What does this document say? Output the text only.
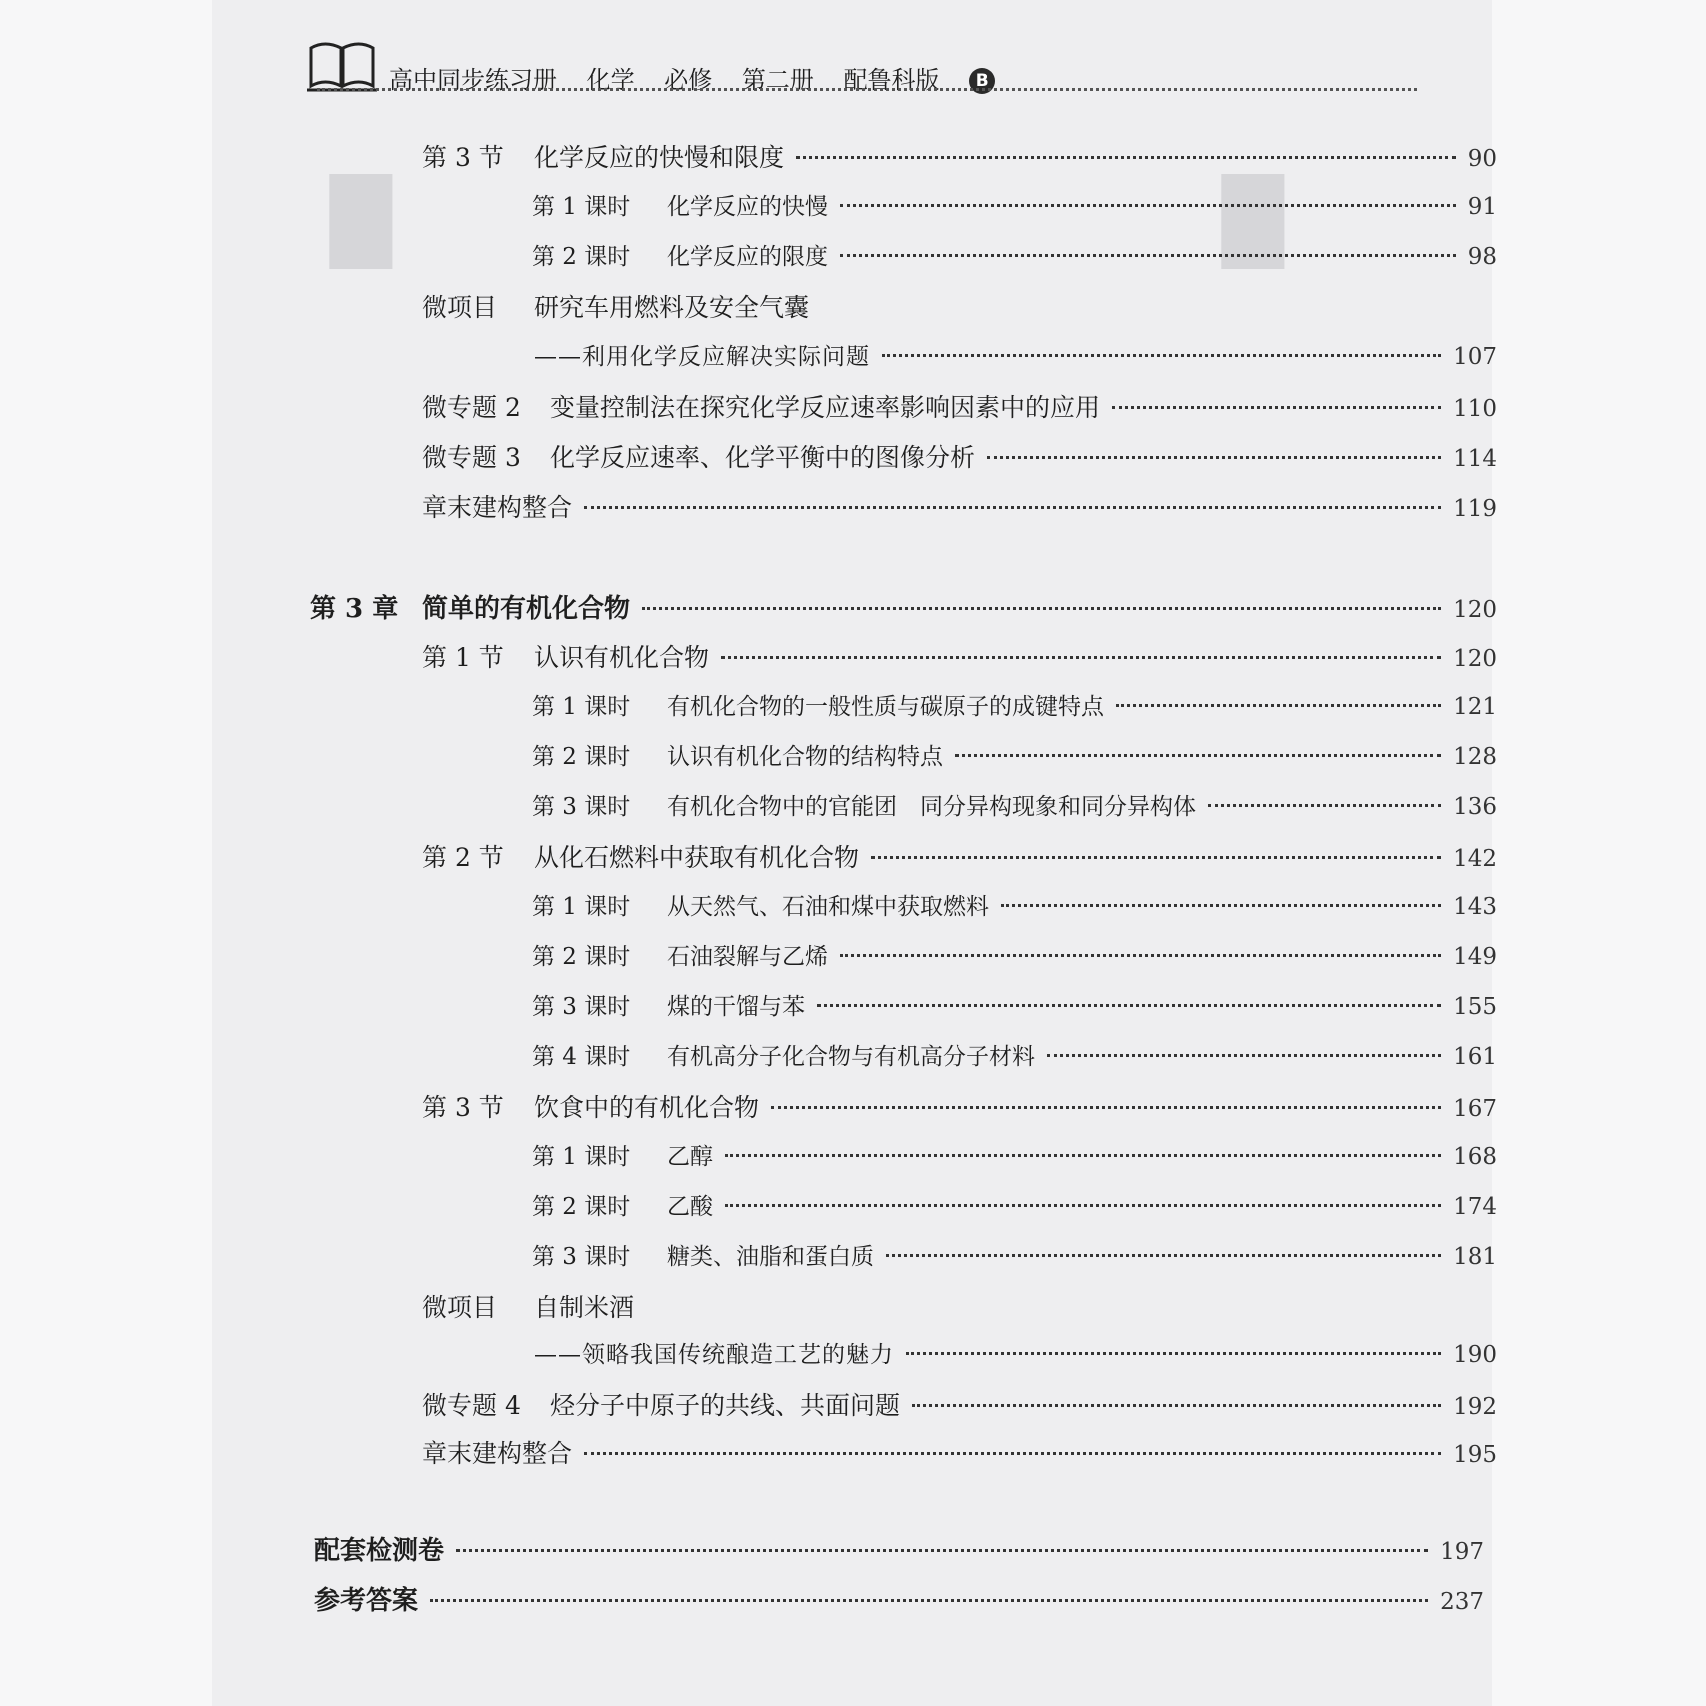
高中同步练习册 化学 必修 第二册 配鲁科版 B
█	█
第 3 节	化学反应的快慢和限度	90
第 1 课时	化学反应的快慢	91
第 2 课时	化学反应的限度	98
微项目	研究车用燃料及安全气囊
——利用化学反应解决实际问题	107
微专题 2	变量控制法在探究化学反应速率影响因素中的应用	110
微专题 3	化学反应速率、化学平衡中的图像分析	114
章末建构整合	119
第 3 章 简单的有机化合物	120
第 1 节	认识有机化合物	120
第 1 课时	有机化合物的一般性质与碳原子的成键特点	121
第 2 课时	认识有机化合物的结构特点	128
第 3 课时	有机化合物中的官能团　同分异构现象和同分异构体	136
第 2 节	从化石燃料中获取有机化合物	142
第 1 课时	从天然气、石油和煤中获取燃料	143
第 2 课时	石油裂解与乙烯	149
第 3 课时	煤的干馏与苯	155
第 4 课时	有机高分子化合物与有机高分子材料	161
第 3 节	饮食中的有机化合物	167
第 1 课时	乙醇	168
第 2 课时	乙酸	174
第 3 课时	糖类、油脂和蛋白质	181
微项目	自制米酒
——领略我国传统酿造工艺的魅力	190
微专题 4	烃分子中原子的共线、共面问题	192
章末建构整合	195
配套检测卷	197
参考答案	237
